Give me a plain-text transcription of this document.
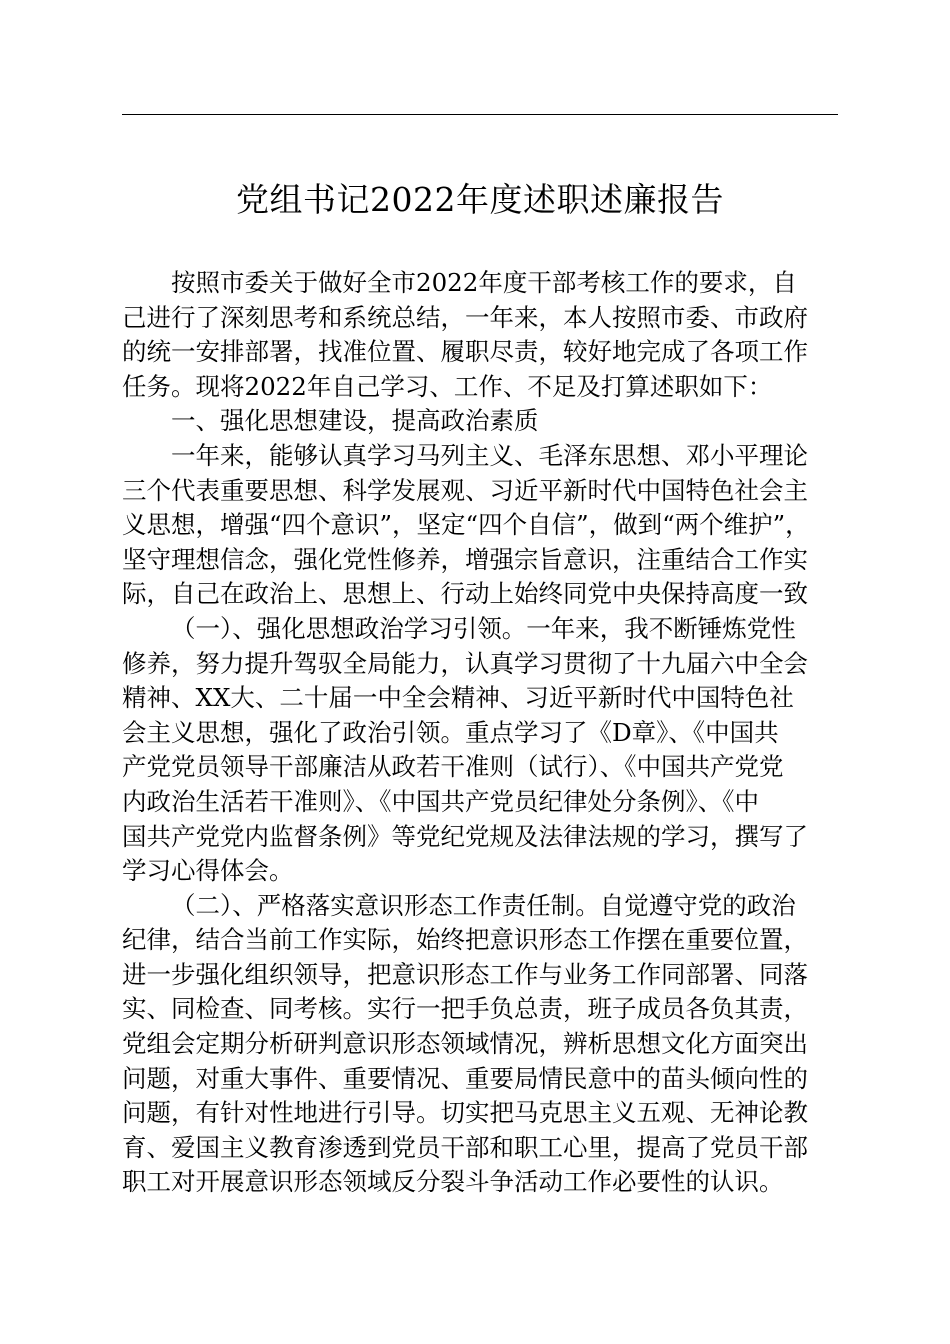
党组书记2022年度述职述廉报告
按照市委关于做好全市2022年度干部考核工作的要求，自
己进行了深刻思考和系统总结，一年来，本人按照市委、市政府
的统一安排部署，找准位置、履职尽责，较好地完成了各项工作
任务。现将2022年自己学习、工作、不足及打算述职如下：
一、强化思想建设，提高政治素质
一年来，能够认真学习马列主义、毛泽东思想、邓小平理论
三个代表重要思想、科学发展观、习近平新时代中国特色社会主
义思想，增强“四个意识”，坚定“四个自信”，做到“两个维护”，
坚守理想信念，强化党性修养，增强宗旨意识，注重结合工作实
际，自己在政治上、思想上、行动上始终同党中央保持高度一致
（一）、强化思想政治学习引领。一年来，我不断锤炼党性
修养，努力提升驾驭全局能力，认真学习贯彻了十九届六中全会
精神、XX大、二十届一中全会精神、习近平新时代中国特色社
会主义思想，强化了政治引领。重点学习了《D章》、《中国共
产党党员领导干部廉洁从政若干准则（试行）、《中国共产党党
内政治生活若干准则》、《中国共产党员纪律处分条例》、《中
国共产党党内监督条例》等党纪党规及法律法规的学习，撰写了
学习心得体会。
（二）、严格落实意识形态工作责任制。自觉遵守党的政治
纪律，结合当前工作实际，始终把意识形态工作摆在重要位置，
进一步强化组织领导，把意识形态工作与业务工作同部署、同落
实、同检查、同考核。实行一把手负总责，班子成员各负其责，
党组会定期分析研判意识形态领域情况，辨析思想文化方面突出
问题，对重大事件、重要情况、重要局情民意中的苗头倾向性的
问题，有针对性地进行引导。切实把马克思主义五观、无神论教
育、爱国主义教育渗透到党员干部和职工心里，提高了党员干部
职工对开展意识形态领域反分裂斗争活动工作必要性的认识。
